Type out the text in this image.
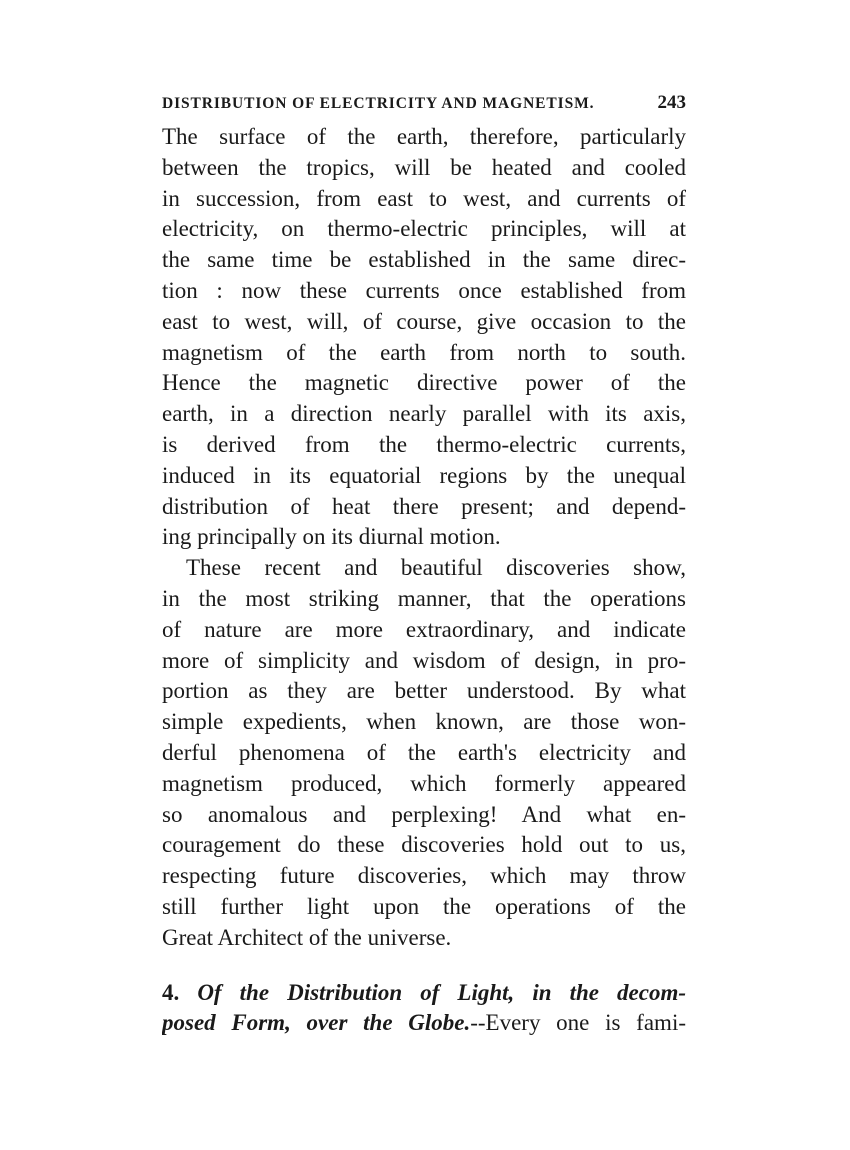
DISTRIBUTION OF ELECTRICITY AND MAGNETISM.	243
The surface of the earth, therefore, particularly
between the tropics, will be heated and cooled
in succession, from east to west, and currents of
electricity, on thermo-electric principles, will at
the same time be established in the same direc-
tion : now these currents once established from
east to west, will, of course, give occasion to the
magnetism of the earth from north to south.
Hence the magnetic directive power of the
earth, in a direction nearly parallel with its axis,
is derived from the thermo-electric currents,
induced in its equatorial regions by the unequal
distribution of heat there present; and depend-
ing principally on its diurnal motion.
These recent and beautiful discoveries show,
in the most striking manner, that the operations
of nature are more extraordinary, and indicate
more of simplicity and wisdom of design, in pro-
portion as they are better understood. By what
simple expedients, when known, are those won-
derful phenomena of the earth's electricity and
magnetism produced, which formerly appeared
so anomalous and perplexing! And what en-
couragement do these discoveries hold out to us,
respecting future discoveries, which may throw
still further light upon the operations of the
Great Architect of the universe.
4. Of the Distribution of Light, in the decom-
posed Form, over the Globe.--Every one is fami-
